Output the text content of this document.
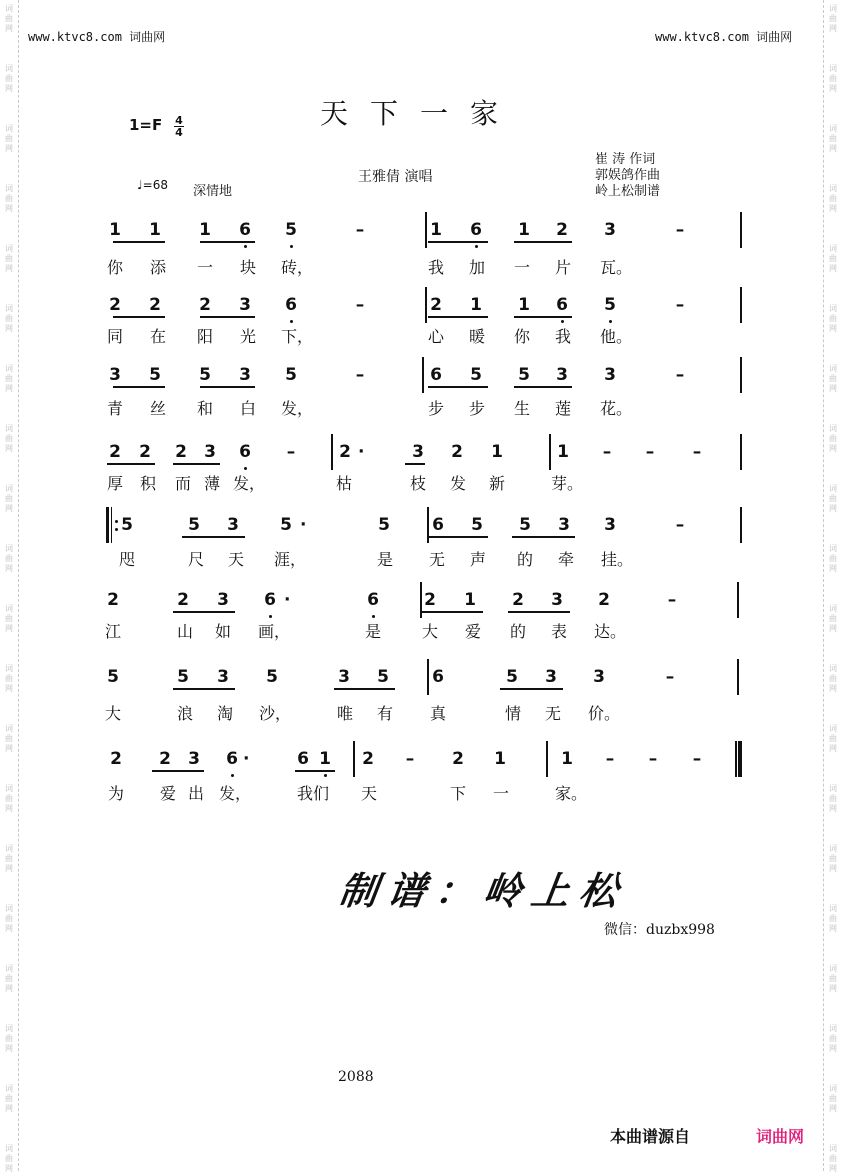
词曲网
词曲网
词曲网
词曲网
词曲网
词曲网
词曲网
词曲网
词曲网
词曲网
词曲网
词曲网
词曲网
词曲网
词曲网
词曲网
词曲网
词曲网
词曲网
词曲网
词曲网
词曲网
词曲网
词曲网
词曲网
词曲网
词曲网
词曲网
词曲网
词曲网
词曲网
词曲网
词曲网
词曲网
词曲网
词曲网
词曲网
词曲网
词曲网
词曲网
www.ktvc8.com 词曲网	www.ktvc8.com 词曲网
天下一家
$1=F \frac{4}{4}$
♩=68 深情地
王雅倩 演唱
崔 涛 作词
郭娱鸽作曲
岭上松制谱
1 1 1 6 5	–	1 6 1 2 3	–
你 添 一 块 砖，	我 加 一 片 瓦。
2 2 2 3 6	–	2 1 1 6 5	–
同 在 阳 光 下，	心 暖 你 我 他。
3 5 5 3 5	–	6 5 5 3 3	–
青 丝 和 白 发，	步 步 生 莲 花。
2 2 2 3 6 –	2	3 2 1	1 – – –
厚 积 而 薄 发，	枯	枝 发 新	芽。
·
5	5 3 5	5 6 5 5 3 3	–
咫	尺 天 涯，	是 无 声 的 牵 挂。
·
2	2 3 6	6	2 1 2 3 2	–
江	山 如 画，	是	大 爱 的 表 达。
·
5	5 3 5	3 5	6	5 3 3	–
大	浪 淘 沙，	唯 有 真	情 无 价。
2 2 3 6	6 1 2 – 2 1	1 – – –
为 爱 出 发，	我们 天	下 一	家。
·
制谱：岭上松
微信：duzbx998
2088
本曲谱源自	词曲网
